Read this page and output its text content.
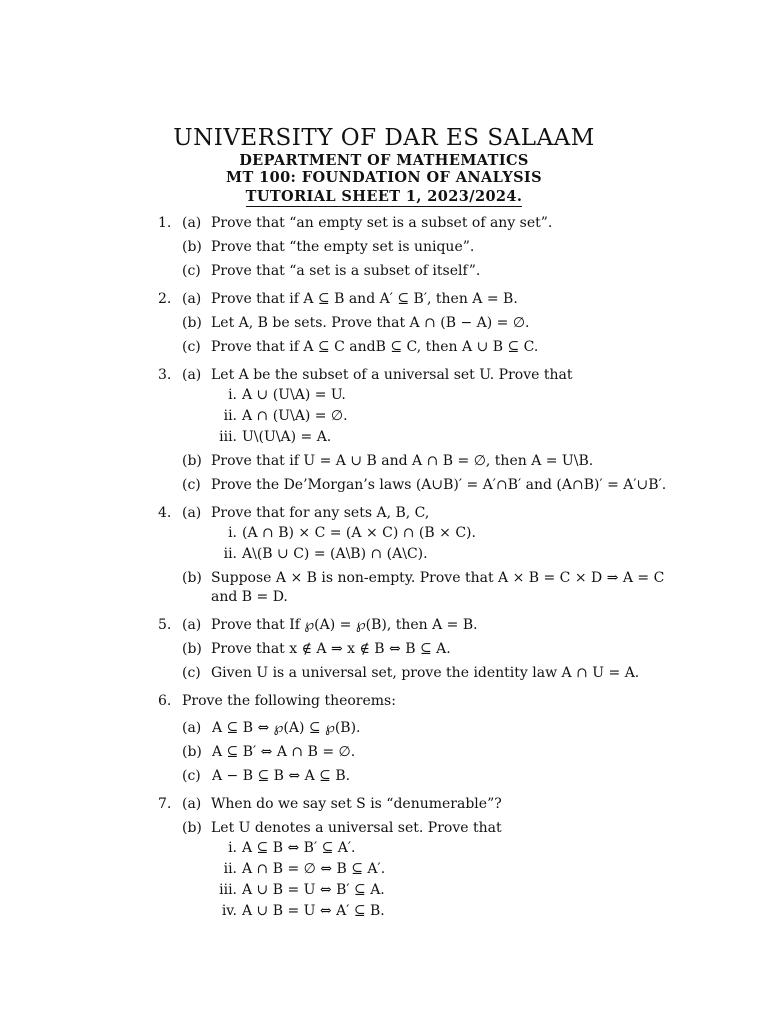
UNIVERSITY OF DAR ES SALAAM
DEPARTMENT OF MATHEMATICS
MT 100: FOUNDATION OF ANALYSIS
TUTORIAL SHEET 1, 2023/2024.
1. (a) Prove that “an empty set is a subset of any set”.
(b) Prove that “the empty set is unique”.
(c) Prove that “a set is a subset of itself”.
2. (a) Prove that if A ⊆ B and A′ ⊆ B′, then A = B.
(b) Let A, B be sets. Prove that A ∩ (B − A) = ∅.
(c) Prove that if A ⊆ C andB ⊆ C, then A ∪ B ⊆ C.
3. (a) Let A be the subset of a universal set U. Prove that
i. A ∪ (U\A) = U.
ii. A ∩ (U\A) = ∅.
iii. U\(U\A) = A.
(b) Prove that if U = A ∪ B and A ∩ B = ∅, then A = U\B.
(c) Prove the De’Morgan’s laws (A∪B)′ = A′∩B′ and (A∩B)′ = A′∪B′.
4. (a) Prove that for any sets A, B, C,
i. (A ∩ B) × C = (A × C) ∩ (B × C).
ii. A\(B ∪ C) = (A\B) ∩ (A\C).
(b) Suppose A × B is non-empty. Prove that A × B = C × D ⇒ A = C and B = D.
5. (a) Prove that If ℘(A) = ℘(B), then A = B.
(b) Prove that x ∉ A ⇒ x ∉ B ⇔ B ⊆ A.
(c) Given U is a universal set, prove the identity law A ∩ U = A.
6. Prove the following theorems:
(a) A ⊆ B ⇔ ℘(A) ⊆ ℘(B).
(b) A ⊆ B′ ⇔ A ∩ B = ∅.
(c) A − B ⊆ B ⇔ A ⊆ B.
7. (a) When do we say set S is “denumerable”?
(b) Let U denotes a universal set. Prove that
i. A ⊆ B ⇔ B′ ⊆ A′.
ii. A ∩ B = ∅ ⇔ B ⊆ A′.
iii. A ∪ B = U ⇔ B′ ⊆ A.
iv. A ∪ B = U ⇔ A′ ⊆ B.
